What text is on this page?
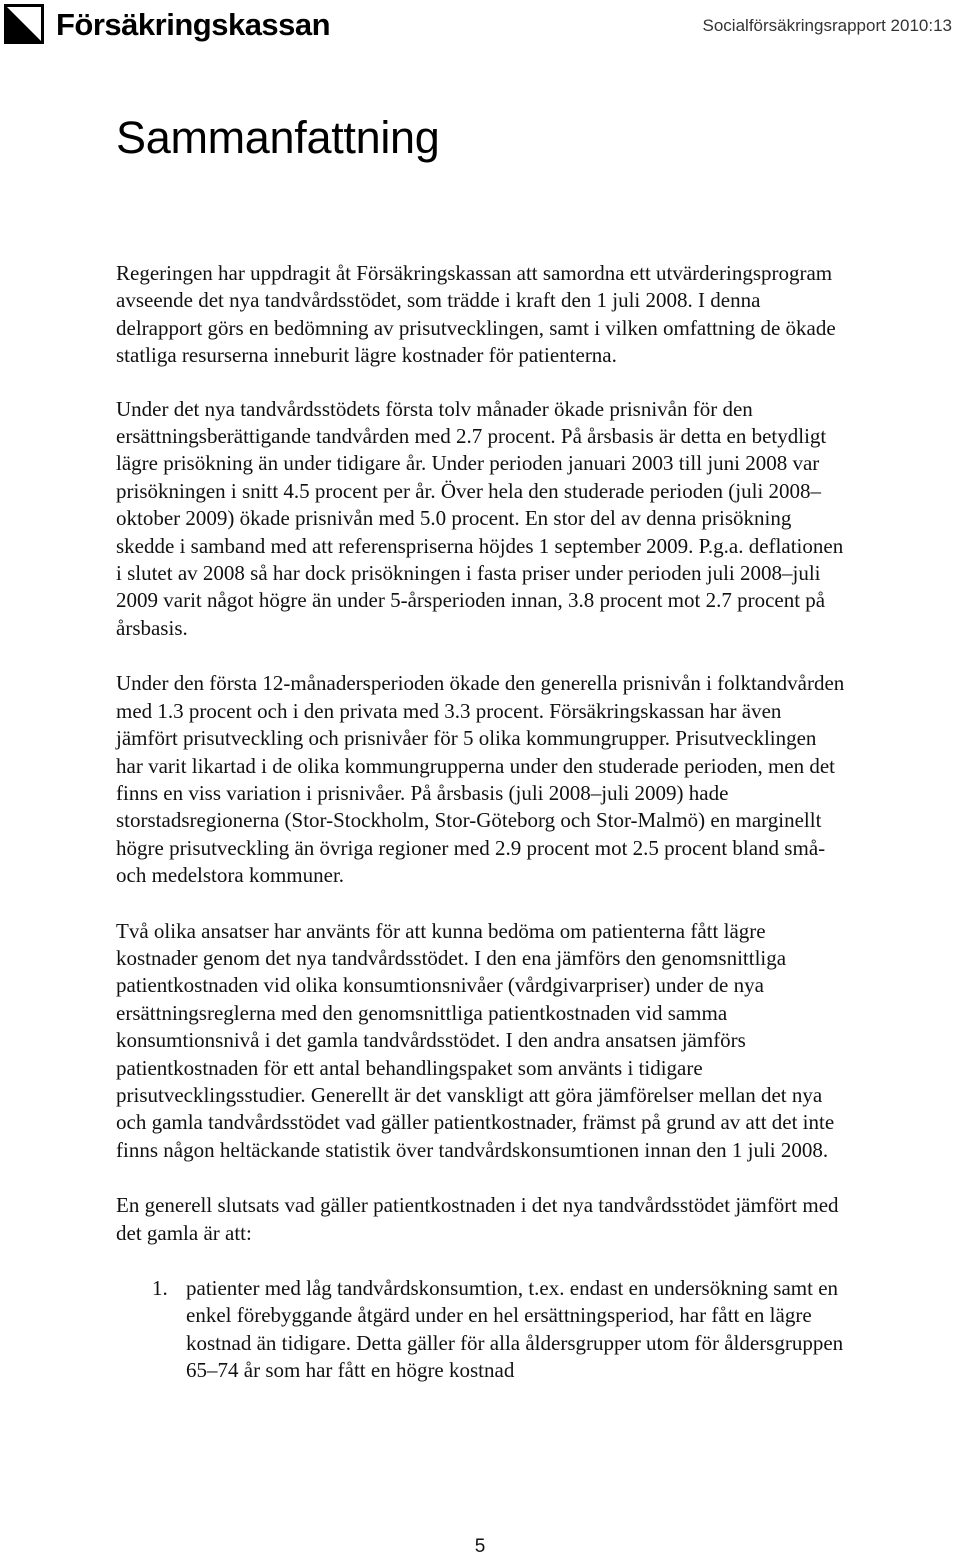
Försäkringskassan	Socialförsäkringsrapport 2010:13
Sammanfattning

Regeringen har uppdragit åt Försäkringskassan att samordna ett utvärderingsprogram avseende det nya tandvårdsstödet, som trädde i kraft den 1 juli 2008. I denna delrapport görs en bedömning av prisutvecklingen, samt i vilken omfattning de ökade statliga resurserna inneburit lägre kostnader för patienterna.

Under det nya tandvårdsstödets första tolv månader ökade prisnivån för den ersättningsberättigande tandvården med 2.7 procent. På årsbasis är detta en betydligt lägre prisökning än under tidigare år. Under perioden januari 2003 till juni 2008 var prisökningen i snitt 4.5 procent per år. Över hela den studerade perioden (juli 2008–oktober 2009) ökade prisnivån med 5.0 procent. En stor del av denna prisökning skedde i samband med att referenspriserna höjdes 1 september 2009. P.g.a. deflationen i slutet av 2008 så har dock prisökningen i fasta priser under perioden juli 2008–juli 2009 varit något högre än under 5-årsperioden innan, 3.8 procent mot 2.7 procent på årsbasis.

Under den första 12-månadersperioden ökade den generella prisnivån i folktandvården med 1.3 procent och i den privata med 3.3 procent. Försäkringskassan har även jämfört prisutveckling och prisnivåer för 5 olika kommungrupper. Prisutvecklingen har varit likartad i de olika kommungrupperna under den studerade perioden, men det finns en viss variation i prisnivåer. På årsbasis (juli 2008–juli 2009) hade storstadsregionerna (Stor-Stockholm, Stor-Göteborg och Stor-Malmö) en marginellt högre prisutveckling än övriga regioner med 2.9 procent mot 2.5 procent bland små- och medelstora kommuner.

Två olika ansatser har använts för att kunna bedöma om patienterna fått lägre kostnader genom det nya tandvårdsstödet. I den ena jämförs den genomsnittliga patientkostnaden vid olika konsumtionsnivåer (vårdgivarpriser) under de nya ersättningsreglerna med den genomsnittliga patientkostnaden vid samma konsumtionsnivå i det gamla tandvårdsstödet. I den andra ansatsen jämförs patientkostnaden för ett antal behandlingspaket som använts i tidigare prisutvecklingsstudier. Generellt är det vanskligt att göra jämförelser mellan det nya och gamla tandvårdsstödet vad gäller patientkostnader, främst på grund av att det inte finns någon heltäckande statistik över tandvårdskonsumtionen innan den 1 juli 2008.

En generell slutsats vad gäller patientkostnaden i det nya tandvårdsstödet jämfört med det gamla är att:

1. patienter med låg tandvårdskonsumtion, t.ex. endast en undersökning samt en enkel förebyggande åtgärd under en hel ersättningsperiod, har fått en lägre kostnad än tidigare. Detta gäller för alla åldersgrupper utom för åldersgruppen 65–74 år som har fått en högre kostnad
5
